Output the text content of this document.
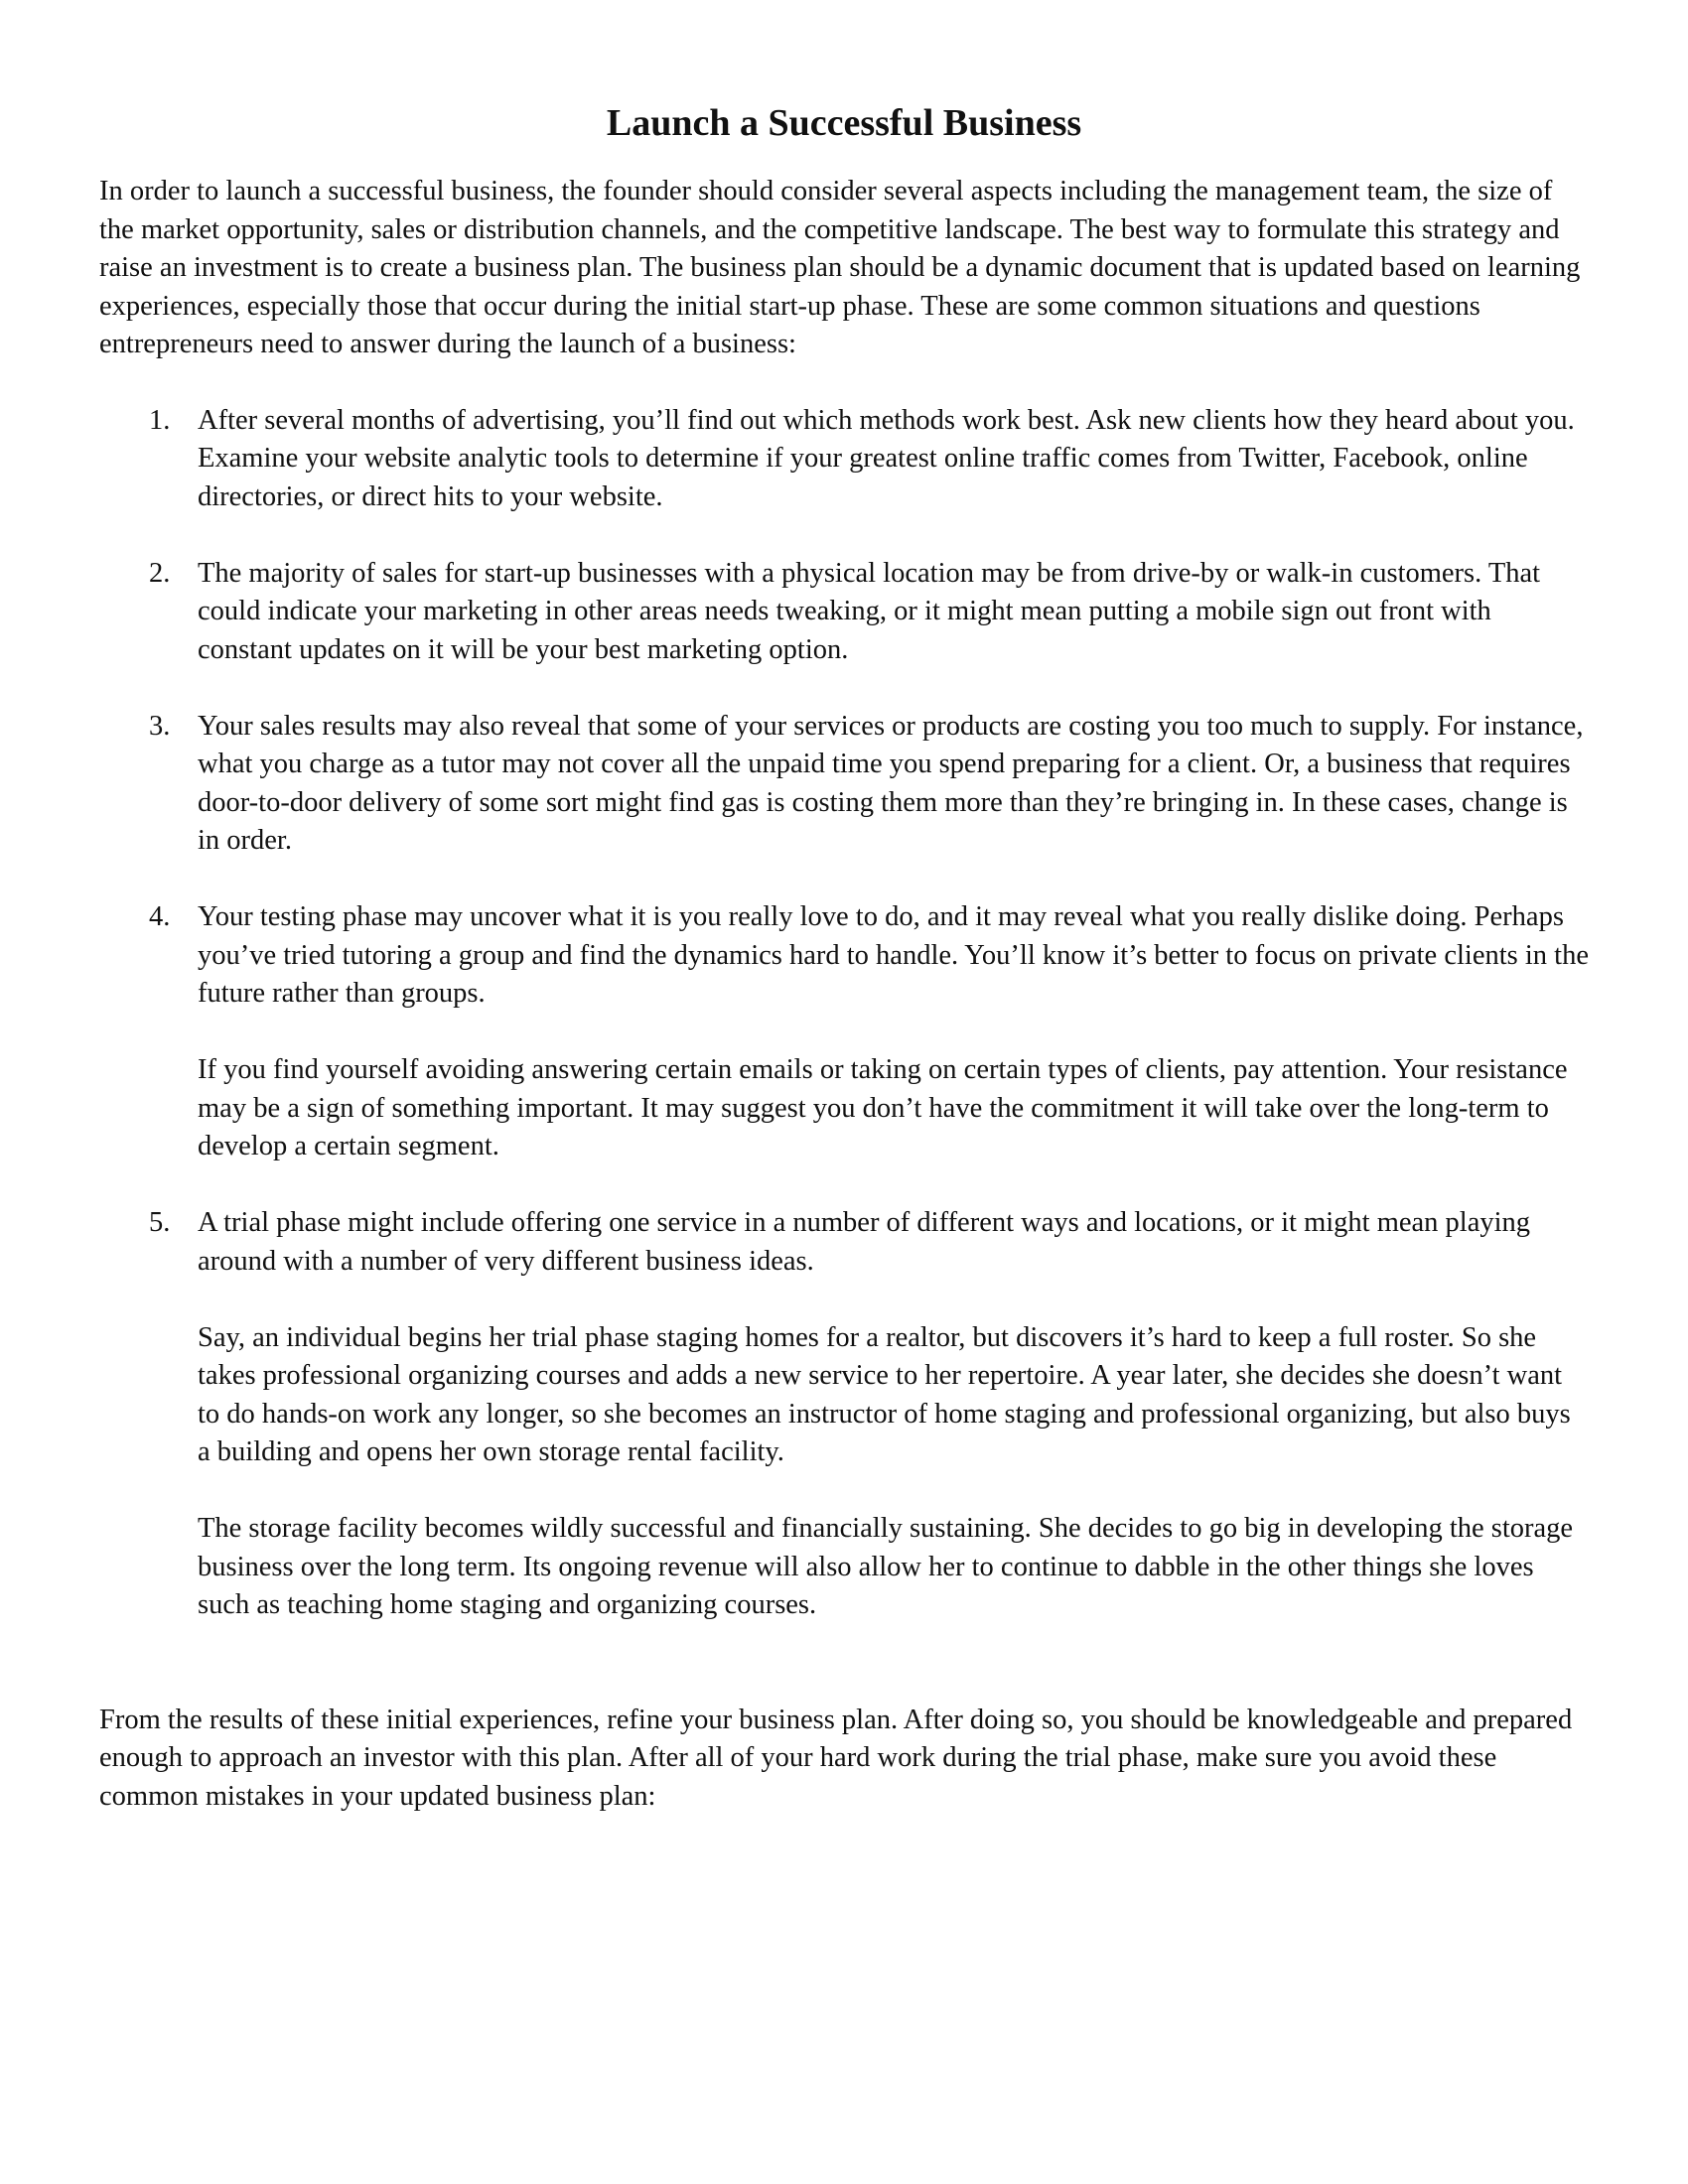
Launch a Successful Business

In order to launch a successful business, the founder should consider several aspects including the management team, the size of the market opportunity, sales or distribution channels, and the competitive landscape. The best way to formulate this strategy and raise an investment is to create a business plan. The business plan should be a dynamic document that is updated based on learning experiences, especially those that occur during the initial start-up phase. These are some common situations and questions entrepreneurs need to answer during the launch of a business:

1. After several months of advertising, you’ll find out which methods work best. Ask new clients how they heard about you. Examine your website analytic tools to determine if your greatest online traffic comes from Twitter, Facebook, online directories, or direct hits to your website.

2. The majority of sales for start-up businesses with a physical location may be from drive-by or walk-in customers. That could indicate your marketing in other areas needs tweaking, or it might mean putting a mobile sign out front with constant updates on it will be your best marketing option.

3. Your sales results may also reveal that some of your services or products are costing you too much to supply. For instance, what you charge as a tutor may not cover all the unpaid time you spend preparing for a client. Or, a business that requires door-to-door delivery of some sort might find gas is costing them more than they’re bringing in. In these cases, change is in order.

4. Your testing phase may uncover what it is you really love to do, and it may reveal what you really dislike doing. Perhaps you’ve tried tutoring a group and find the dynamics hard to handle. You’ll know it’s better to focus on private clients in the future rather than groups.

If you find yourself avoiding answering certain emails or taking on certain types of clients, pay attention. Your resistance may be a sign of something important. It may suggest you don’t have the commitment it will take over the long-term to develop a certain segment.

5. A trial phase might include offering one service in a number of different ways and locations, or it might mean playing around with a number of very different business ideas.

Say, an individual begins her trial phase staging homes for a realtor, but discovers it’s hard to keep a full roster. So she takes professional organizing courses and adds a new service to her repertoire. A year later, she decides she doesn’t want to do hands-on work any longer, so she becomes an instructor of home staging and professional organizing, but also buys a building and opens her own storage rental facility.

The storage facility becomes wildly successful and financially sustaining. She decides to go big in developing the storage business over the long term. Its ongoing revenue will also allow her to continue to dabble in the other things she loves such as teaching home staging and organizing courses.

From the results of these initial experiences, refine your business plan. After doing so, you should be knowledgeable and prepared enough to approach an investor with this plan. After all of your hard work during the trial phase, make sure you avoid these common mistakes in your updated business plan:
